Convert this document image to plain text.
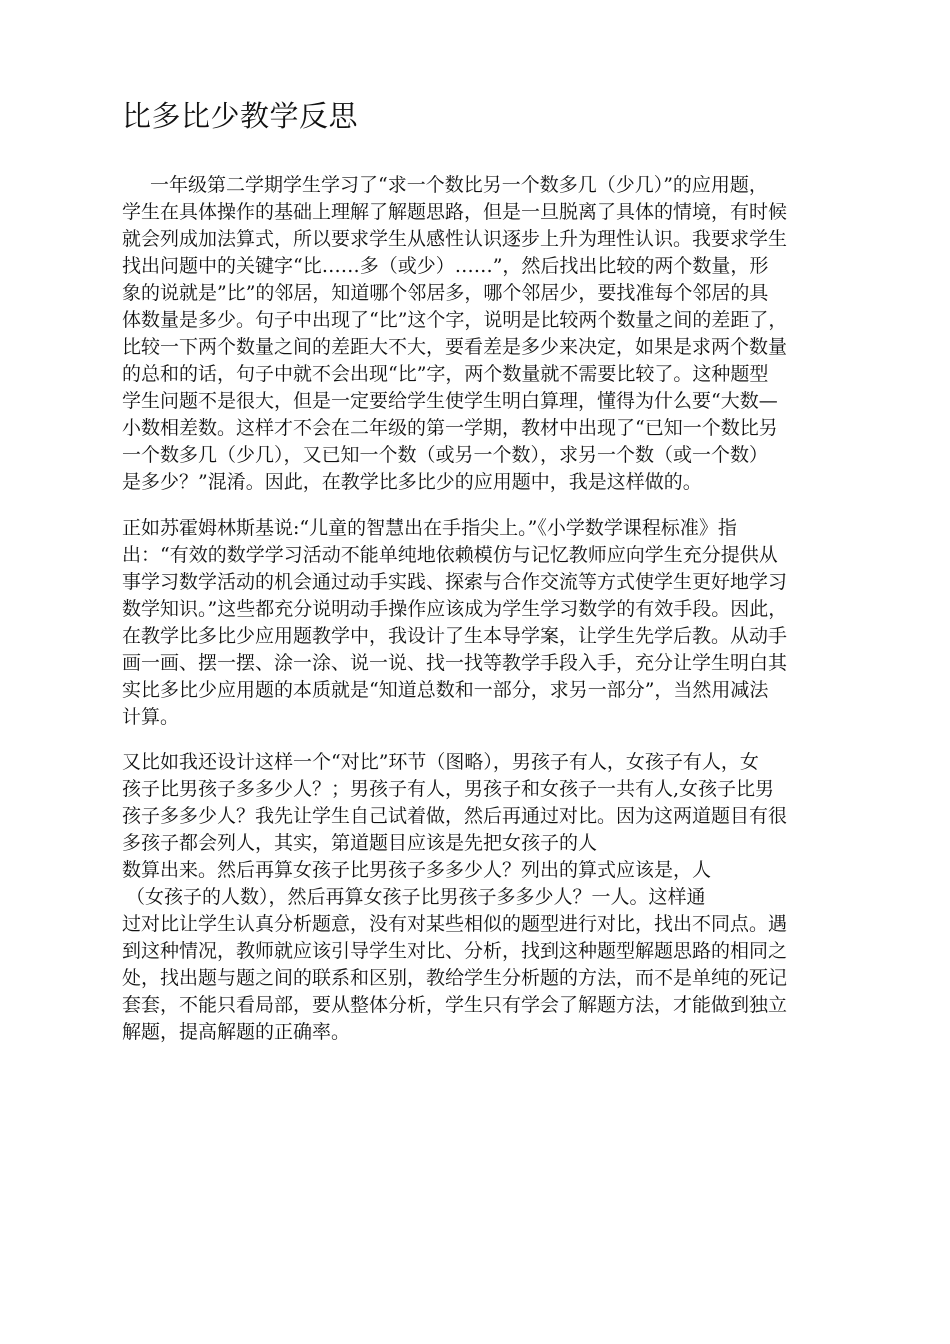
比多比少教学反思
一年级第二学期学生学习了“求一个数比另一个数多几（少几）”的应用题，
学生在具体操作的基础上理解了解题思路，但是一旦脱离了具体的情境，有时候
就会列成加法算式，所以要求学生从感性认识逐步上升为理性认识。我要求学生
找出问题中的关键字“比……多（或少）……”，然后找出比较的两个数量，形
象的说就是”比”的邻居，知道哪个邻居多，哪个邻居少，要找准每个邻居的具
体数量是多少。句子中出现了“比”这个字，说明是比较两个数量之间的差距了，
比较一下两个数量之间的差距大不大，要看差是多少来决定，如果是求两个数量
的总和的话，句子中就不会出现“比”字，两个数量就不需要比较了。这种题型
学生问题不是很大，但是一定要给学生使学生明白算理，懂得为什么要“大数—
小数相差数。这样才不会在二年级的第一学期，教材中出现了“已知一个数比另
一个数多几（少几），又已知一个数（或另一个数），求另一个数（或一个数）
是多少？”混淆。因此，在教学比多比少的应用题中，我是这样做的。
正如苏霍姆林斯基说:“儿童的智慧出在手指尖上。”《小学数学课程标准》指
出：“有效的数学学习活动不能单纯地依赖模仿与记忆教师应向学生充分提供从
事学习数学活动的机会通过动手实践、探索与合作交流等方式使学生更好地学习
数学知识。”这些都充分说明动手操作应该成为学生学习数学的有效手段。因此，
在教学比多比少应用题教学中，我设计了生本导学案，让学生先学后教。从动手
画一画、摆一摆、涂一涂、说一说、找一找等教学手段入手，充分让学生明白其
实比多比少应用题的本质就是“知道总数和一部分，求另一部分”，当然用减法
计算。
又比如我还设计这样一个“对比”环节（图略），男孩子有人，女孩子有人，女
孩子比男孩子多多少人？；男孩子有人，男孩子和女孩子一共有人,女孩子比男
孩子多多少人？我先让学生自己试着做，然后再通过对比。因为这两道题目有很
多孩子都会列人，其实，第道题目应该是先把女孩子的人
数算出来。然后再算女孩子比男孩子多多少人？列出的算式应该是，人
（女孩子的人数），然后再算女孩子比男孩子多多少人？一人。这样通
过对比让学生认真分析题意，没有对某些相似的题型进行对比，找出不同点。遇
到这种情况，教师就应该引导学生对比、分析，找到这种题型解题思路的相同之
处，找出题与题之间的联系和区别，教给学生分析题的方法，而不是单纯的死记
套套，不能只看局部，要从整体分析，学生只有学会了解题方法，才能做到独立
解题，提高解题的正确率。
